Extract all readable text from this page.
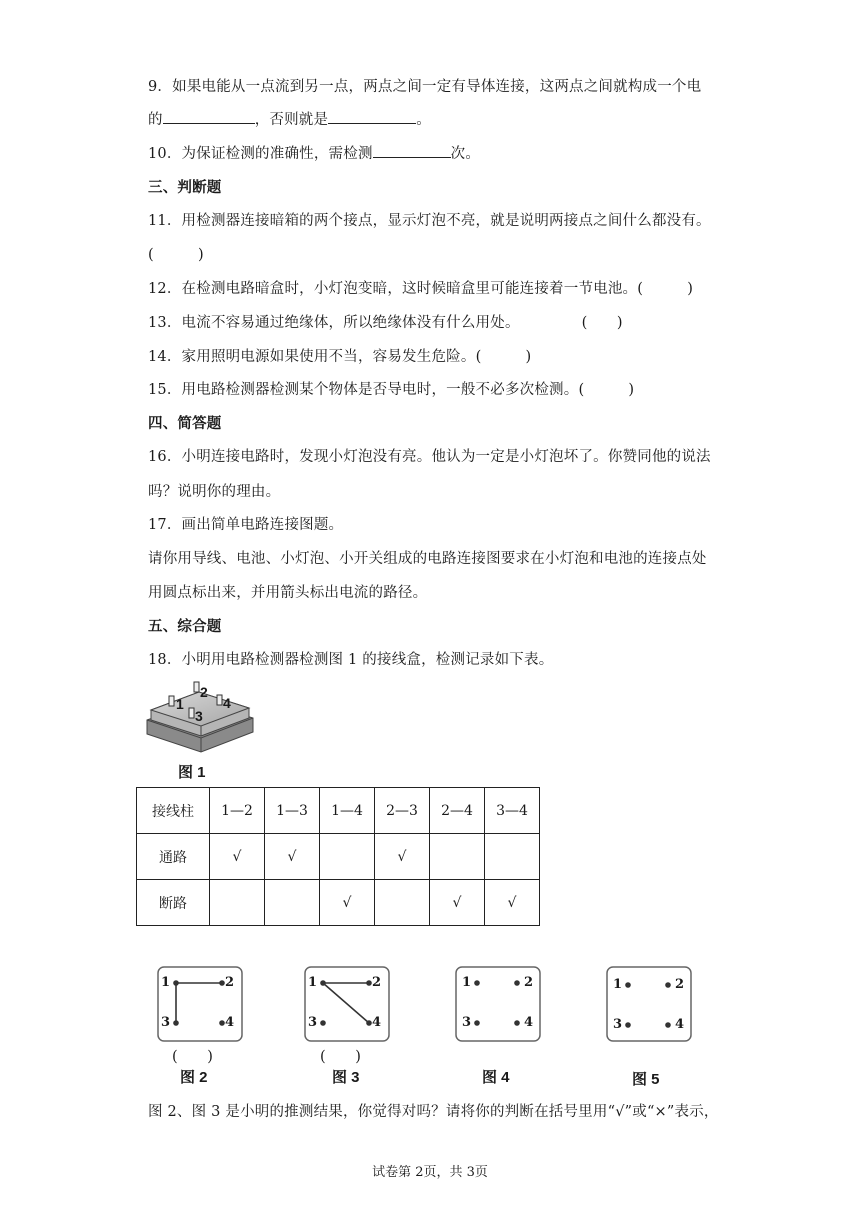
9．如果电能从一点流到另一点，两点之间一定有导体连接，这两点之间就构成一个电
的	，否则就是	。
10．为保证检测的准确性，需检测	次。
三、判断题
11．用检测器连接暗箱的两个接点，显示灯泡不亮，就是说明两接点之间什么都没有。
(　　　)
12．在检测电路暗盒时，小灯泡变暗，这时候暗盒里可能连接着一节电池。(　　　)
13．电流不容易通过绝缘体，所以绝缘体没有什么用处。	(　　)
14．家用照明电源如果使用不当，容易发生危险。(　　　)
15．用电路检测器检测某个物体是否导电时，一般不必多次检测。(　　　)
四、简答题
16．小明连接电路时，发现小灯泡没有亮。他认为一定是小灯泡坏了。你赞同他的说法
吗？说明你的理由。
17．画出简单电路连接图题。
请你用导线、电池、小灯泡、小开关组成的电路连接图要求在小灯泡和电池的连接点处
用圆点标出来，并用箭头标出电流的路径。
五、综合题
18．小明用电路检测器检测图 1 的接线盒，检测记录如下表。
1
2
3
4
图 1
接线柱	1—2	1—3	1—4	2—3	2—4	3—4
通路	√	√		√		
断路			√		√	√
1	2
3	4
(　　)
图 2
1	2
3	4
(　　)
图 3
1	2
3	4
图 4
1	2
3	4
图 5
图 2、图 3 是小明的推测结果，你觉得对吗？请将你的判断在括号里用“√”或“×”表示，
试卷第 2页，共 3页
